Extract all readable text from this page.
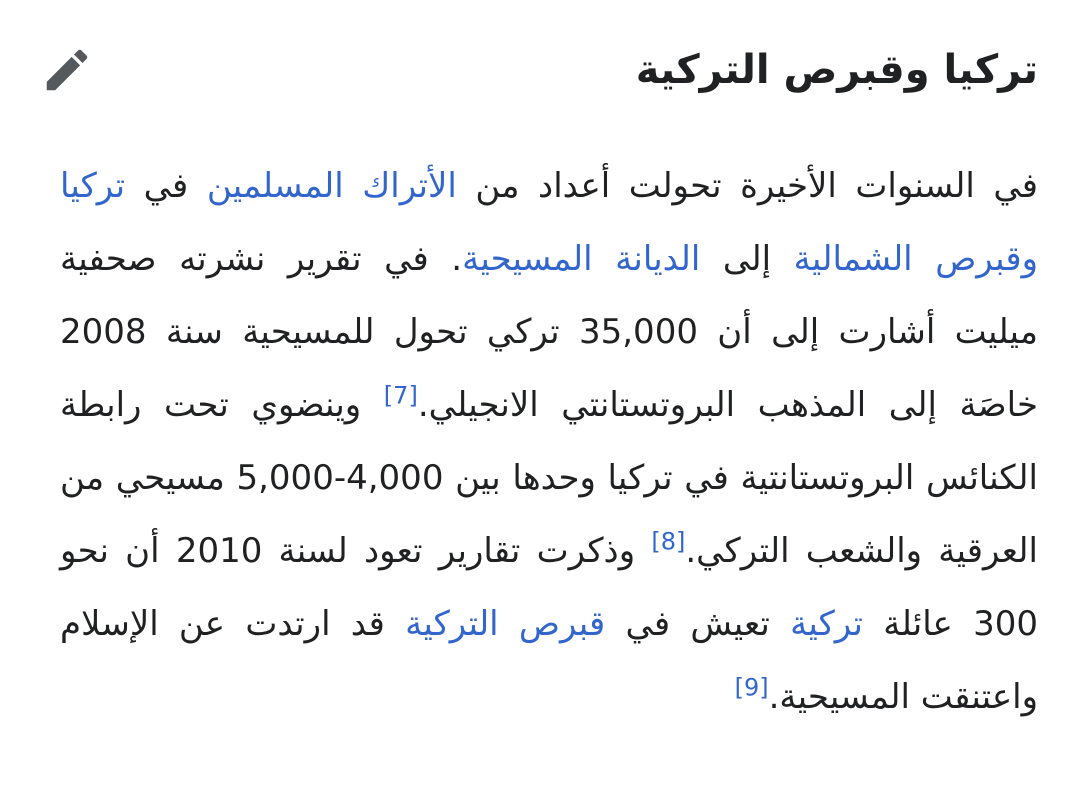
تركيا وقبرص التركية

في السنوات الأخيرة تحولت أعداد من الأتراك المسلمين في تركيا وقبرص الشمالية إلى الديانة المسيحية. في تقرير نشرته صحفية ميليت أشارت إلى أن 35,000 تركي تحول للمسيحية سنة 2008 خاصَة إلى المذهب البروتستانتي الانجيلي.[7] وينضوي تحت رابطة الكنائس البروتستانتية في تركيا وحدها بين 4,000-5,000 مسيحي من العرقية والشعب التركي.[8] وذكرت تقارير تعود لسنة 2010 أن نحو 300 عائلة تركية تعيش في قبرص التركية قد ارتدت عن الإسلام واعتنقت المسيحية.[9]
